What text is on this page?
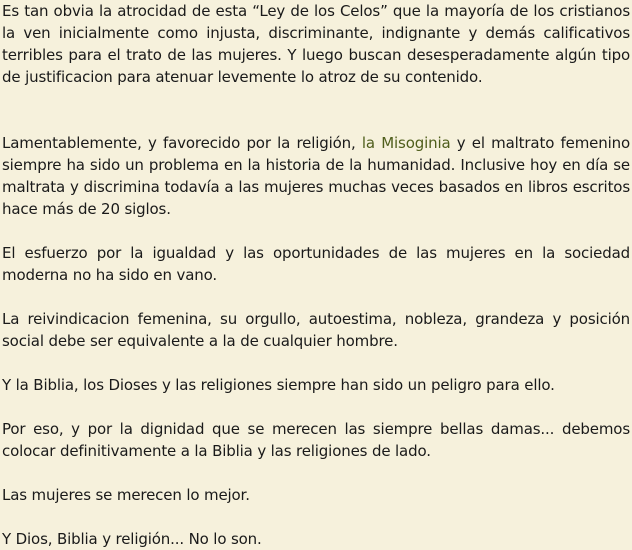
Es tan obvia la atrocidad de esta “Ley de los Celos” que la mayoría de los cristianos la ven inicialmente como injusta, discriminante, indignante y demás calificativos terribles para el trato de las mujeres. Y luego buscan desesperadamente algún tipo de justificacion para atenuar levemente lo atroz de su contenido.

Lamentablemente, y favorecido por la religión, la Misoginia y el maltrato femenino siempre ha sido un problema en la historia de la humanidad. Inclusive hoy en día se maltrata y discrimina todavía a las mujeres muchas veces basados en libros escritos hace más de 20 siglos.

El esfuerzo por la igualdad y las oportunidades de las mujeres en la sociedad moderna no ha sido en vano.

La reivindicacion femenina, su orgullo, autoestima, nobleza, grandeza y posición social debe ser equivalente a la de cualquier hombre.

Y la Biblia, los Dioses y las religiones siempre han sido un peligro para ello.

Por eso, y por la dignidad que se merecen las siempre bellas damas... debemos colocar definitivamente a la Biblia y las religiones de lado.

Las mujeres se merecen lo mejor.

Y Dios, Biblia y religión... No lo son.
